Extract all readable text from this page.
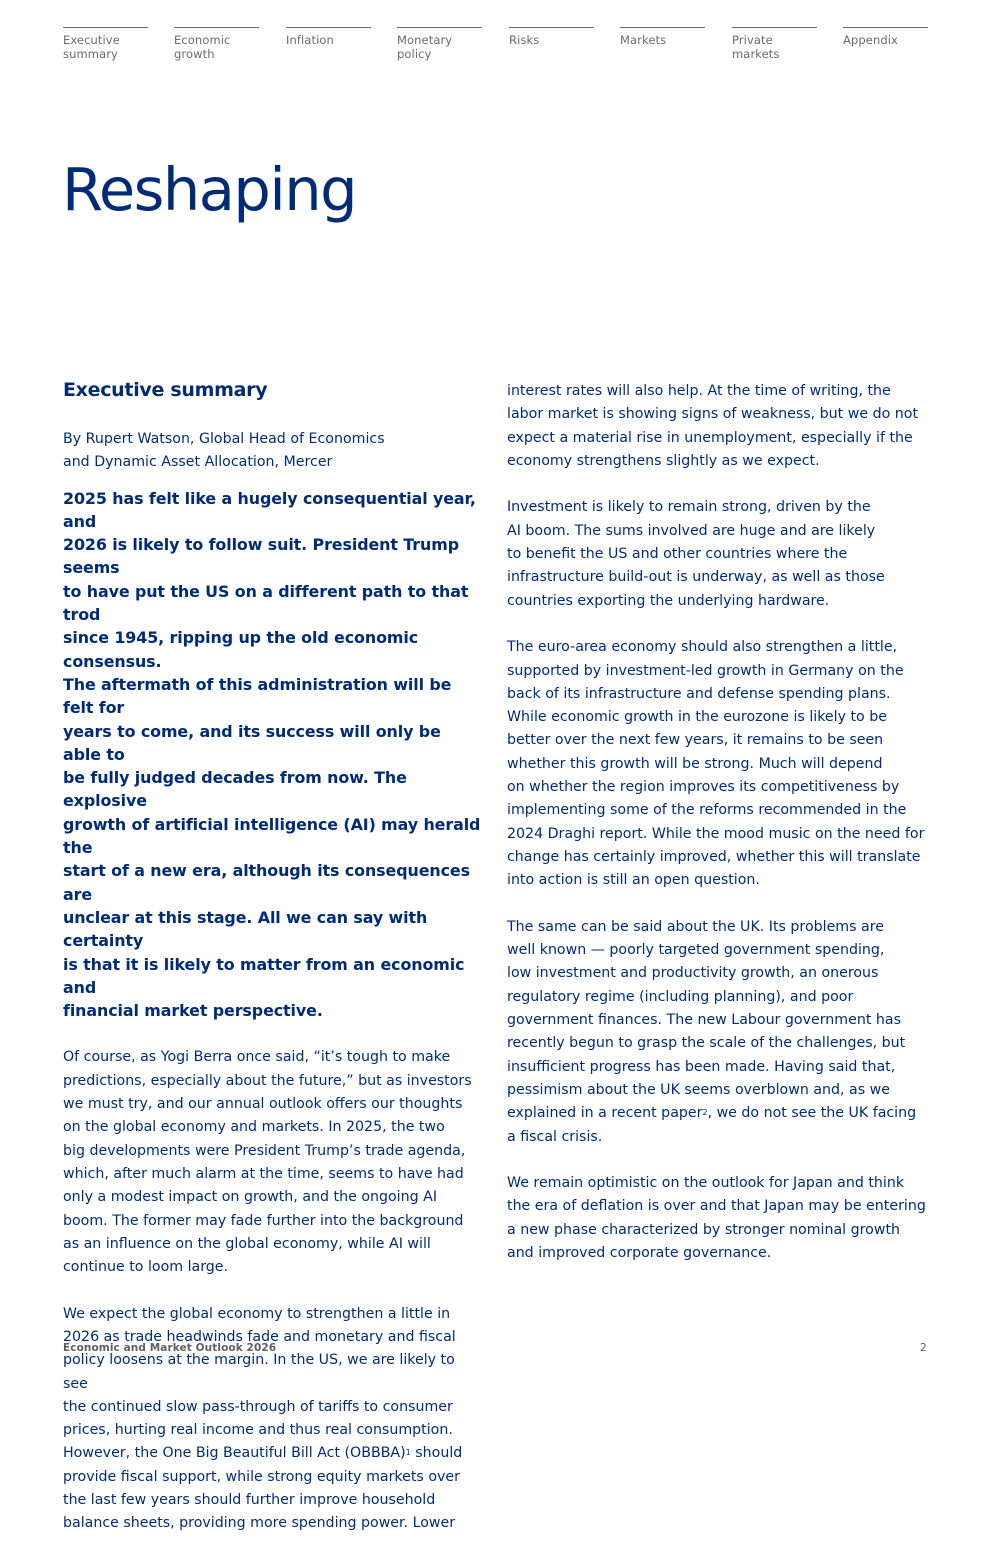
Executive
summary
Economic
growth
Inflation	Monetary
policy
Risks	Markets	Private
markets
Appendix
Reshaping
Executive summary

By Rupert Watson, Global Head of Economics
and Dynamic Asset Allocation, Mercer

2025 has felt like a hugely consequential year, and
2026 is likely to follow suit. President Trump seems
to have put the US on a different path to that trod
since 1945, ripping up the old economic consensus.
The aftermath of this administration will be felt for
years to come, and its success will only be able to
be fully judged decades from now. The explosive
growth of artificial intelligence (AI) may herald the
start of a new era, although its consequences are
unclear at this stage. All we can say with certainty
is that it is likely to matter from an economic and
financial market perspective.

Of course, as Yogi Berra once said, “it’s tough to make
predictions, especially about the future,” but as investors
we must try, and our annual outlook offers our thoughts
on the global economy and markets. In 2025, the two
big developments were President Trump’s trade agenda,
which, after much alarm at the time, seems to have had
only a modest impact on growth, and the ongoing AI
boom. The former may fade further into the background
as an influence on the global economy, while AI will
continue to loom large.

We expect the global economy to strengthen a little in
2026 as trade headwinds fade and monetary and fiscal
policy loosens at the margin. In the US, we are likely to see
the continued slow pass-through of tariffs to consumer
prices, hurting real income and thus real consumption.
However, the One Big Beautiful Bill Act (OBBBA)$^1$ should
provide fiscal support, while strong equity markets over
the last few years should further improve household
balance sheets, providing more spending power. Lower

interest rates will also help. At the time of writing, the
labor market is showing signs of weakness, but we do not
expect a material rise in unemployment, especially if the
economy strengthens slightly as we expect.

Investment is likely to remain strong, driven by the
AI boom. The sums involved are huge and are likely
to benefit the US and other countries where the
infrastructure build-out is underway, as well as those
countries exporting the underlying hardware.

The euro-area economy should also strengthen a little,
supported by investment-led growth in Germany on the
back of its infrastructure and defense spending plans.
While economic growth in the eurozone is likely to be
better over the next few years, it remains to be seen
whether this growth will be strong. Much will depend
on whether the region improves its competitiveness by
implementing some of the reforms recommended in the
2024 Draghi report. While the mood music on the need for
change has certainly improved, whether this will translate
into action is still an open question.

The same can be said about the UK. Its problems are
well known — poorly targeted government spending,
low investment and productivity growth, an onerous
regulatory regime (including planning), and poor
government finances. The new Labour government has
recently begun to grasp the scale of the challenges, but
insufficient progress has been made. Having said that,
pessimism about the UK seems overblown and, as we
explained in a recent paper$^2$, we do not see the UK facing
a fiscal crisis.

We remain optimistic on the outlook for Japan and think
the era of deflation is over and that Japan may be entering
a new phase characterized by stronger nominal growth
and improved corporate governance.

Economic and Market Outlook 2026	2
